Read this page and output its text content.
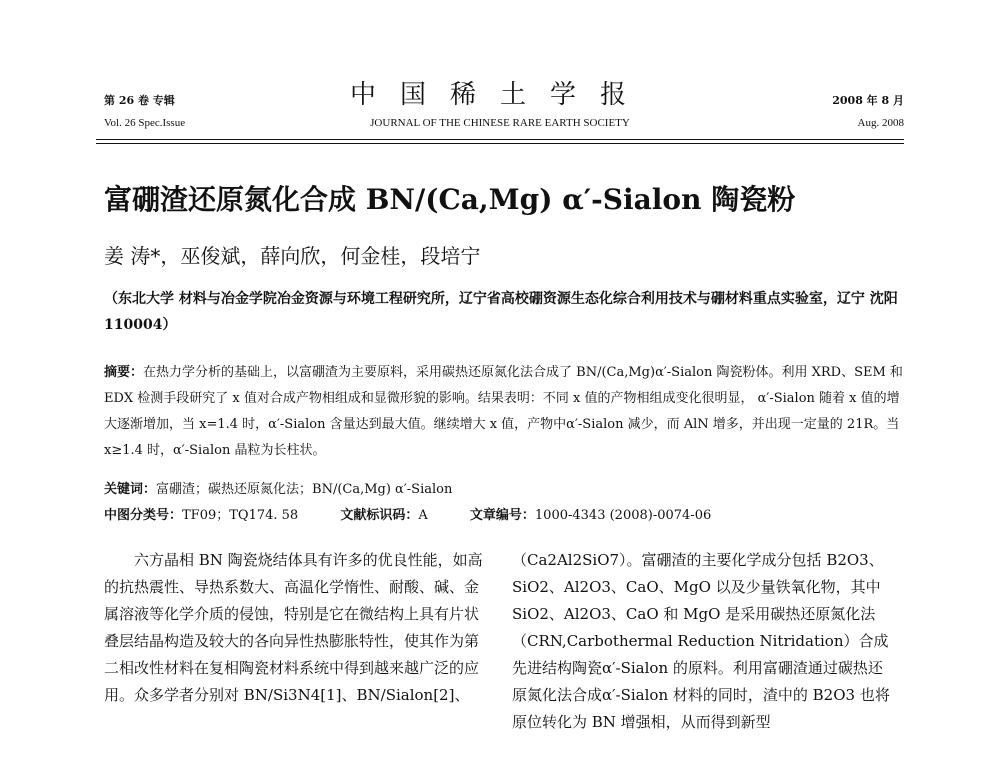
第 26 卷 专辑
Vol. 26 Spec.Issue
中国稀土学报
JOURNAL OF THE CHINESE RARE EARTH SOCIETY
2008 年 8 月
Aug. 2008
富硼渣还原氮化合成 BN/(Ca,Mg) α′-Sialon 陶瓷粉
姜 涛*，巫俊斌，薛向欣，何金桂，段培宁
（东北大学 材料与冶金学院冶金资源与环境工程研究所，辽宁省高校硼资源生态化综合利用技术与硼材料重点实验室，辽宁 沈阳 110004）
摘要：在热力学分析的基础上，以富硼渣为主要原料，采用碳热还原氮化法合成了 BN/(Ca,Mg)α′-Sialon 陶瓷粉体。利用 XRD、SEM 和 EDX 检测手段研究了 x 值对合成产物相组成和显微形貌的影响。结果表明：不同 x 值的产物相组成变化很明显， α′-Sialon 随着 x 值的增大逐渐增加，当 x=1.4 时，α′-Sialon 含量达到最大值。继续增大 x 值，产物中α′-Sialon 减少，而 AlN 增多，并出现一定量的 21R。当 x≥1.4 时，α′-Sialon 晶粒为长柱状。
关键词：富硼渣；碳热还原氮化法；BN/(Ca,Mg) α′-Sialon
中图分类号：TF09；TQ174. 58	文献标识码：A	文章编号：1000-4343 (2008)-0074-06

六方晶相 BN 陶瓷烧结体具有许多的优良性能，如高的抗热震性、导热系数大、高温化学惰性、耐酸、碱、金属溶液等化学介质的侵蚀，特别是它在微结构上具有片状叠层结晶构造及较大的各向异性热膨胀特性，使其作为第二相改性材料在复相陶瓷材料系统中得到越来越广泛的应用。众多学者分别对 BN/Si3N4[1]、BN/Sialon[2]、

（Ca2Al2SiO7）。富硼渣的主要化学成分包括 B2O3、SiO2、Al2O3、CaO、MgO 以及少量铁氧化物，其中 SiO2、Al2O3、CaO 和 MgO 是采用碳热还原氮化法（CRN,Carbothermal Reduction Nitridation）合成先进结构陶瓷α′-Sialon 的原料。利用富硼渣通过碳热还原氮化法合成α′-Sialon 材料的同时，渣中的 B2O3 也将原位转化为 BN 增强相，从而得到新型
